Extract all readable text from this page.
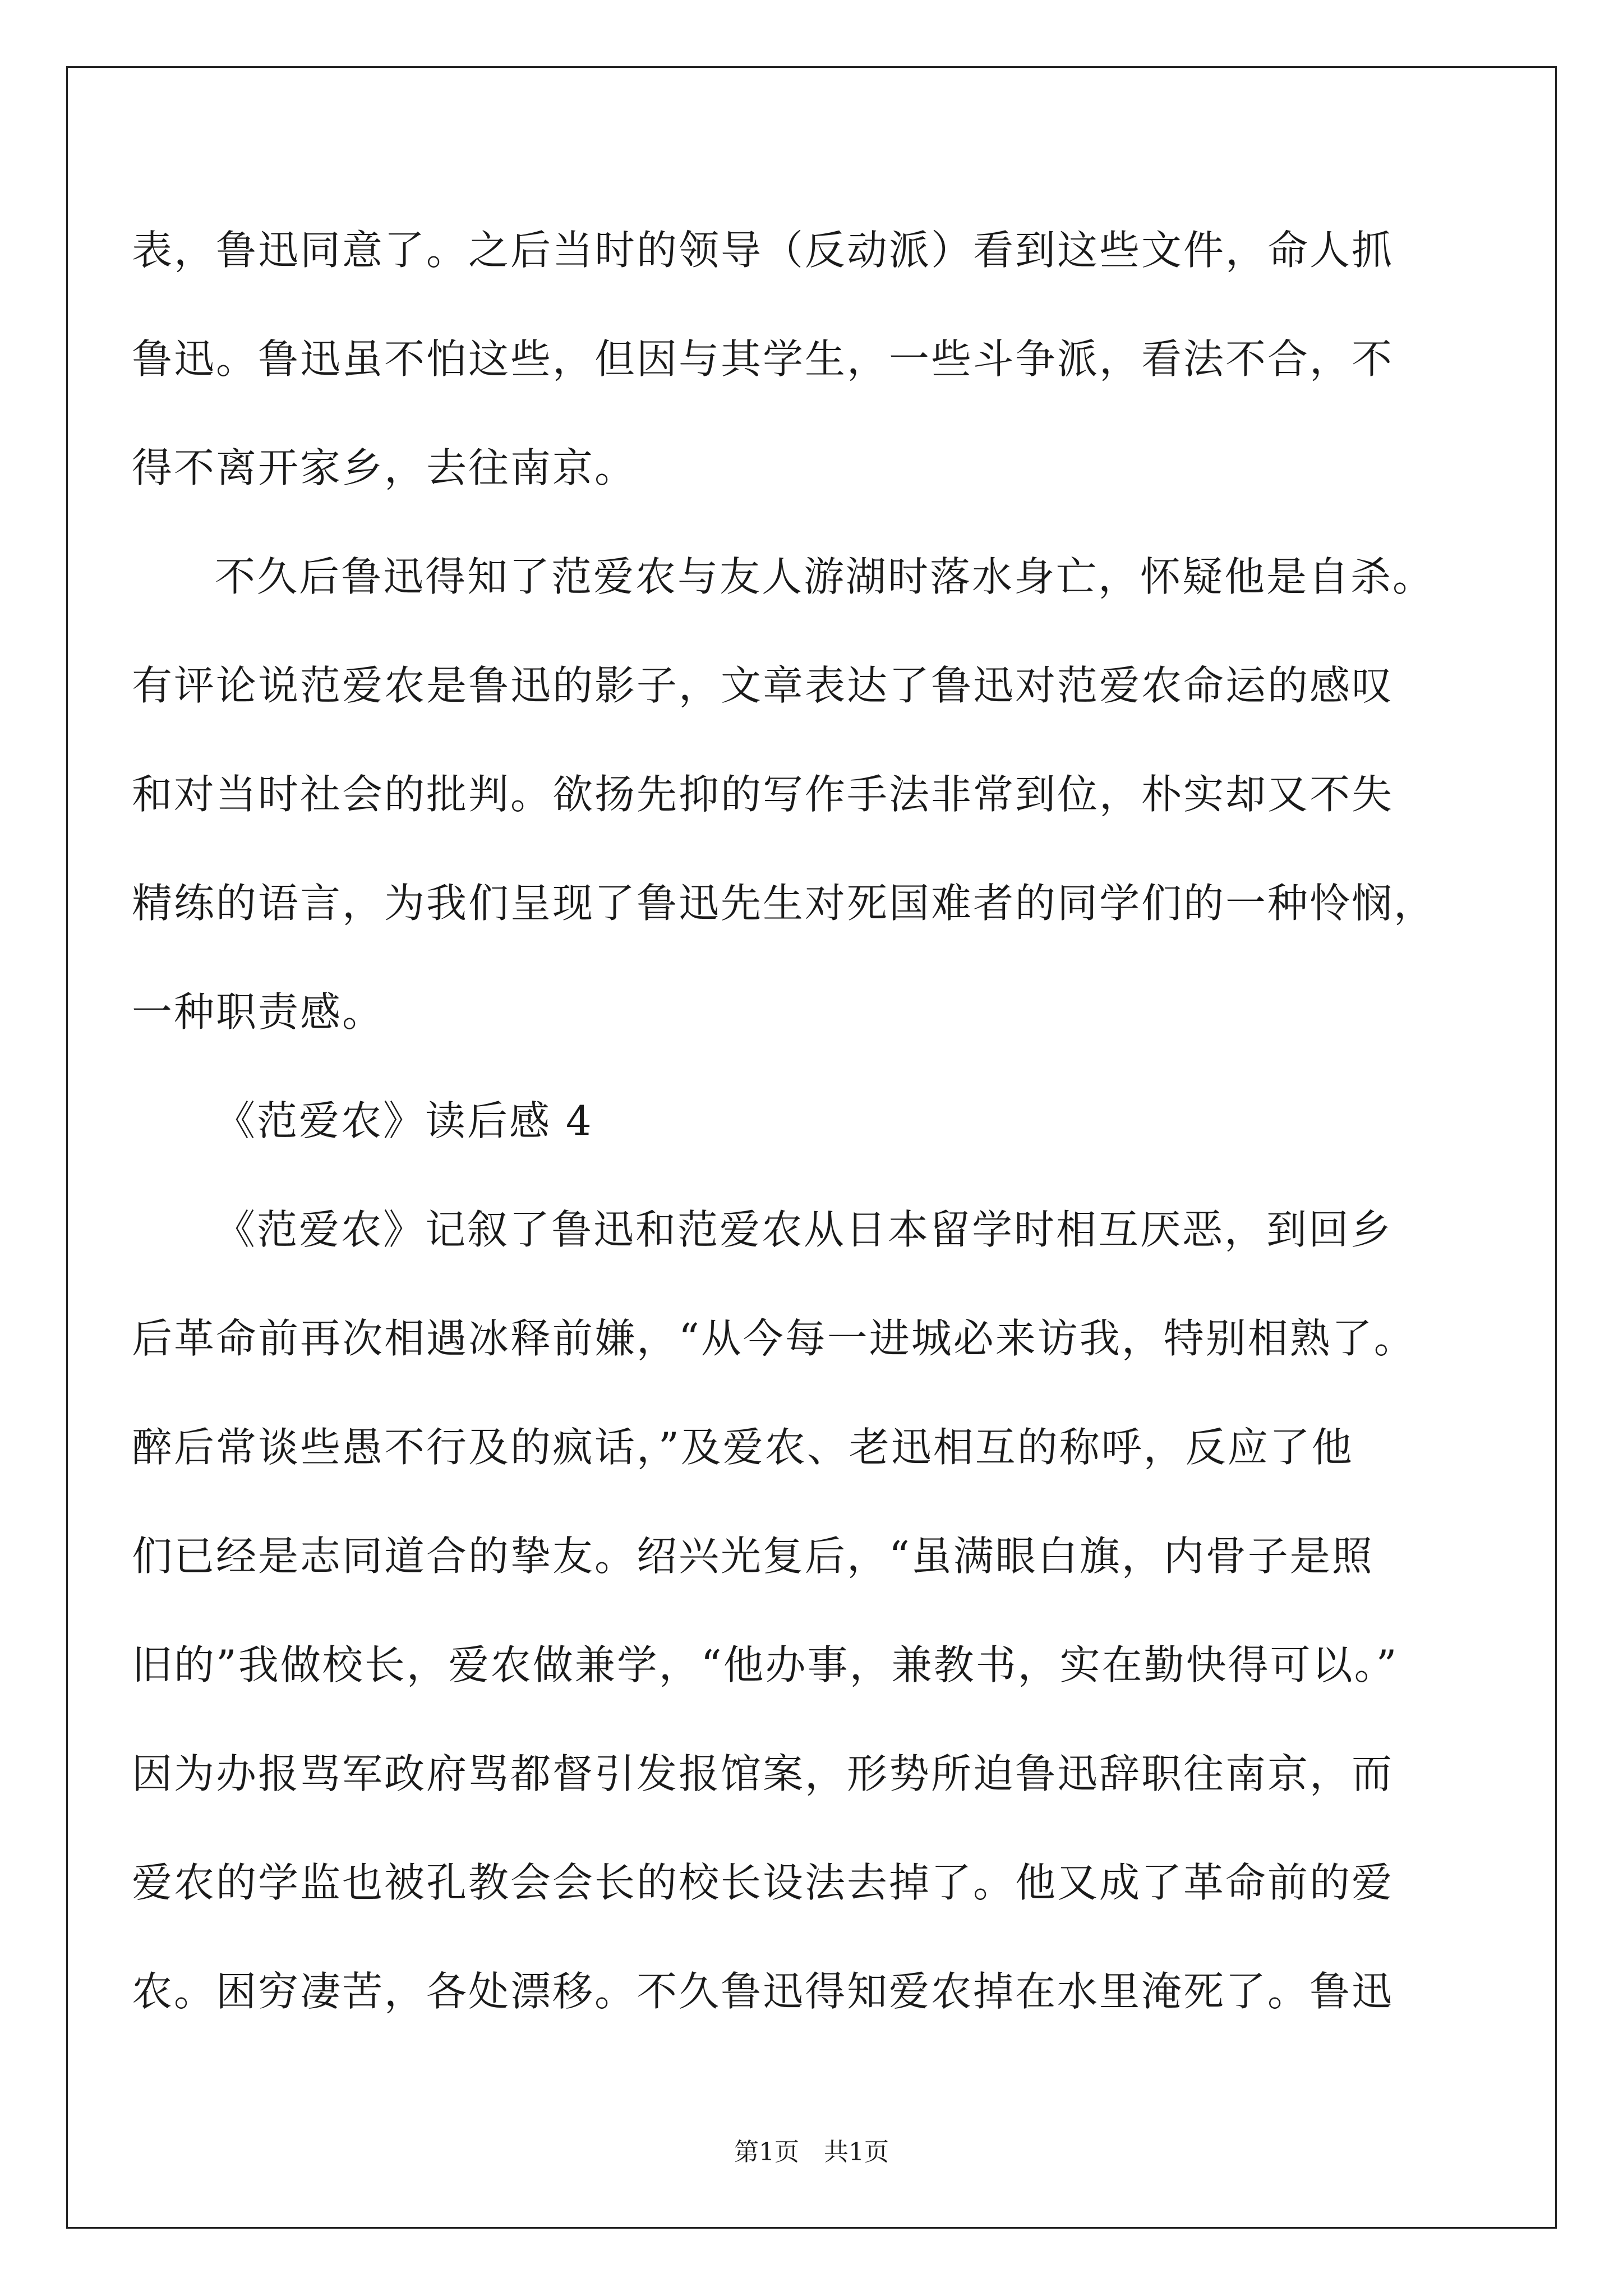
表，鲁迅同意了。之后当时的领导（反动派）看到这些文件，命人抓
鲁迅。鲁迅虽不怕这些，但因与其学生，一些斗争派，看法不合，不
得不离开家乡，去往南京。
不久后鲁迅得知了范爱农与友人游湖时落水身亡，怀疑他是自杀。
有评论说范爱农是鲁迅的影子，文章表达了鲁迅对范爱农命运的感叹
和对当时社会的批判。欲扬先抑的写作手法非常到位，朴实却又不失
精练的语言，为我们呈现了鲁迅先生对死国难者的同学们的一种怜悯，
一种职责感。
《范爱农》读后感 4
《范爱农》记叙了鲁迅和范爱农从日本留学时相互厌恶，到回乡
后革命前再次相遇冰释前嫌，“从今每一进城必来访我，特别相熟了。
醉后常谈些愚不行及的疯话，”及爱农、老迅相互的称呼，反应了他
们已经是志同道合的挚友。绍兴光复后，“虽满眼白旗，内骨子是照
旧的”我做校长，爱农做兼学，“他办事，兼教书，实在勤快得可以。”
因为办报骂军政府骂都督引发报馆案，形势所迫鲁迅辞职往南京，而
爱农的学监也被孔教会会长的校长设法去掉了。他又成了革命前的爱
农。困穷凄苦，各处漂移。不久鲁迅得知爱农掉在水里淹死了。鲁迅
第1页　共1页
